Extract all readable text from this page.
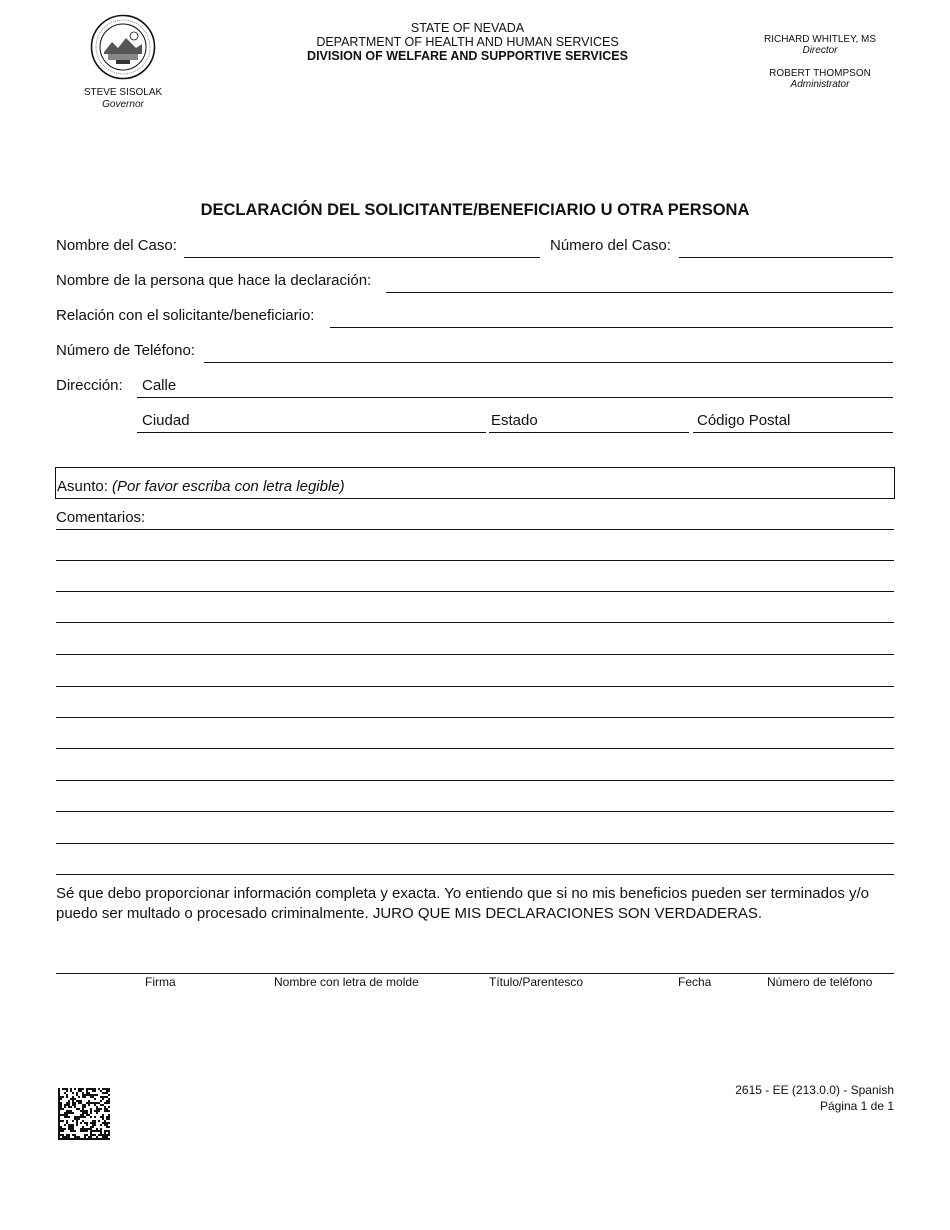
STEVE SISOLAK
Governor
STATE OF NEVADA
DEPARTMENT OF HEALTH AND HUMAN SERVICES
DIVISION OF WELFARE AND SUPPORTIVE SERVICES
RICHARD WHITLEY, MS
Director
ROBERT THOMPSON
Administrator
DECLARACIÓN DEL SOLICITANTE/BENEFICIARIO U OTRA PERSONA
Nombre del Caso:	Número del Caso:
Nombre de la persona que hace la declaración:
Relación con el solicitante/beneficiario:
Número de Teléfono:
Dirección: Calle
Ciudad	Estado	Código Postal
Asunto: (Por favor escriba con letra legible)
Comentarios:
Sé que debo proporcionar información completa y exacta. Yo entiendo que si no mis beneficios pueden ser terminados y/o puedo ser multado o procesado criminalmente. JURO QUE MIS DECLARACIONES SON VERDADERAS.
Firma	Nombre con letra de molde	Título/Parentesco	Fecha	Número de teléfono
2615 - EE (213.0.0) - Spanish
Página 1 de 1
